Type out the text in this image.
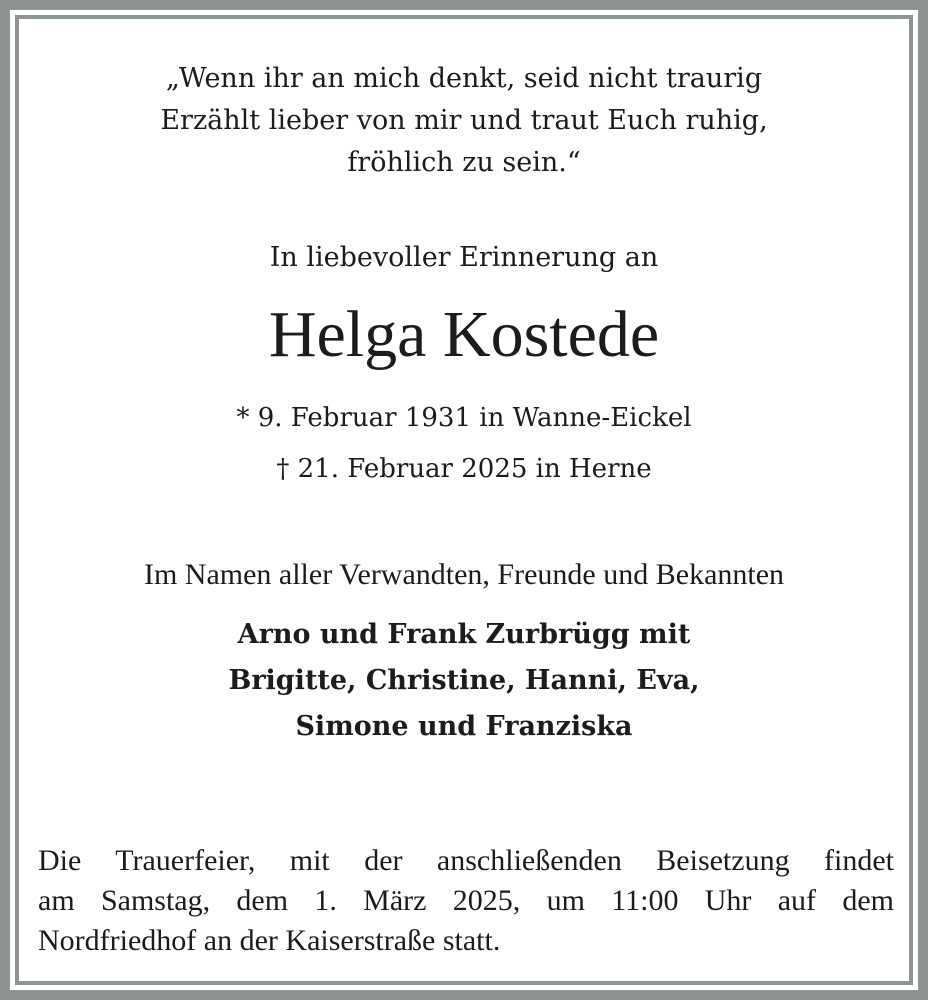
„Wenn ihr an mich denkt, seid nicht traurig
Erzählt lieber von mir und traut Euch ruhig,
fröhlich zu sein.“
In liebevoller Erinnerung an
Helga Kostede
* 9. Februar 1931 in Wanne-Eickel
† 21. Februar 2025 in Herne
Im Namen aller Verwandten, Freunde und Bekannten
Arno und Frank Zurbrügg mit
Brigitte, Christine, Hanni, Eva,
Simone und Franziska
Die Trauerfeier, mit der anschließenden Beisetzung findet
am Samstag, dem 1. März 2025, um 11:00 Uhr auf dem
Nordfriedhof an der Kaiserstraße statt.
